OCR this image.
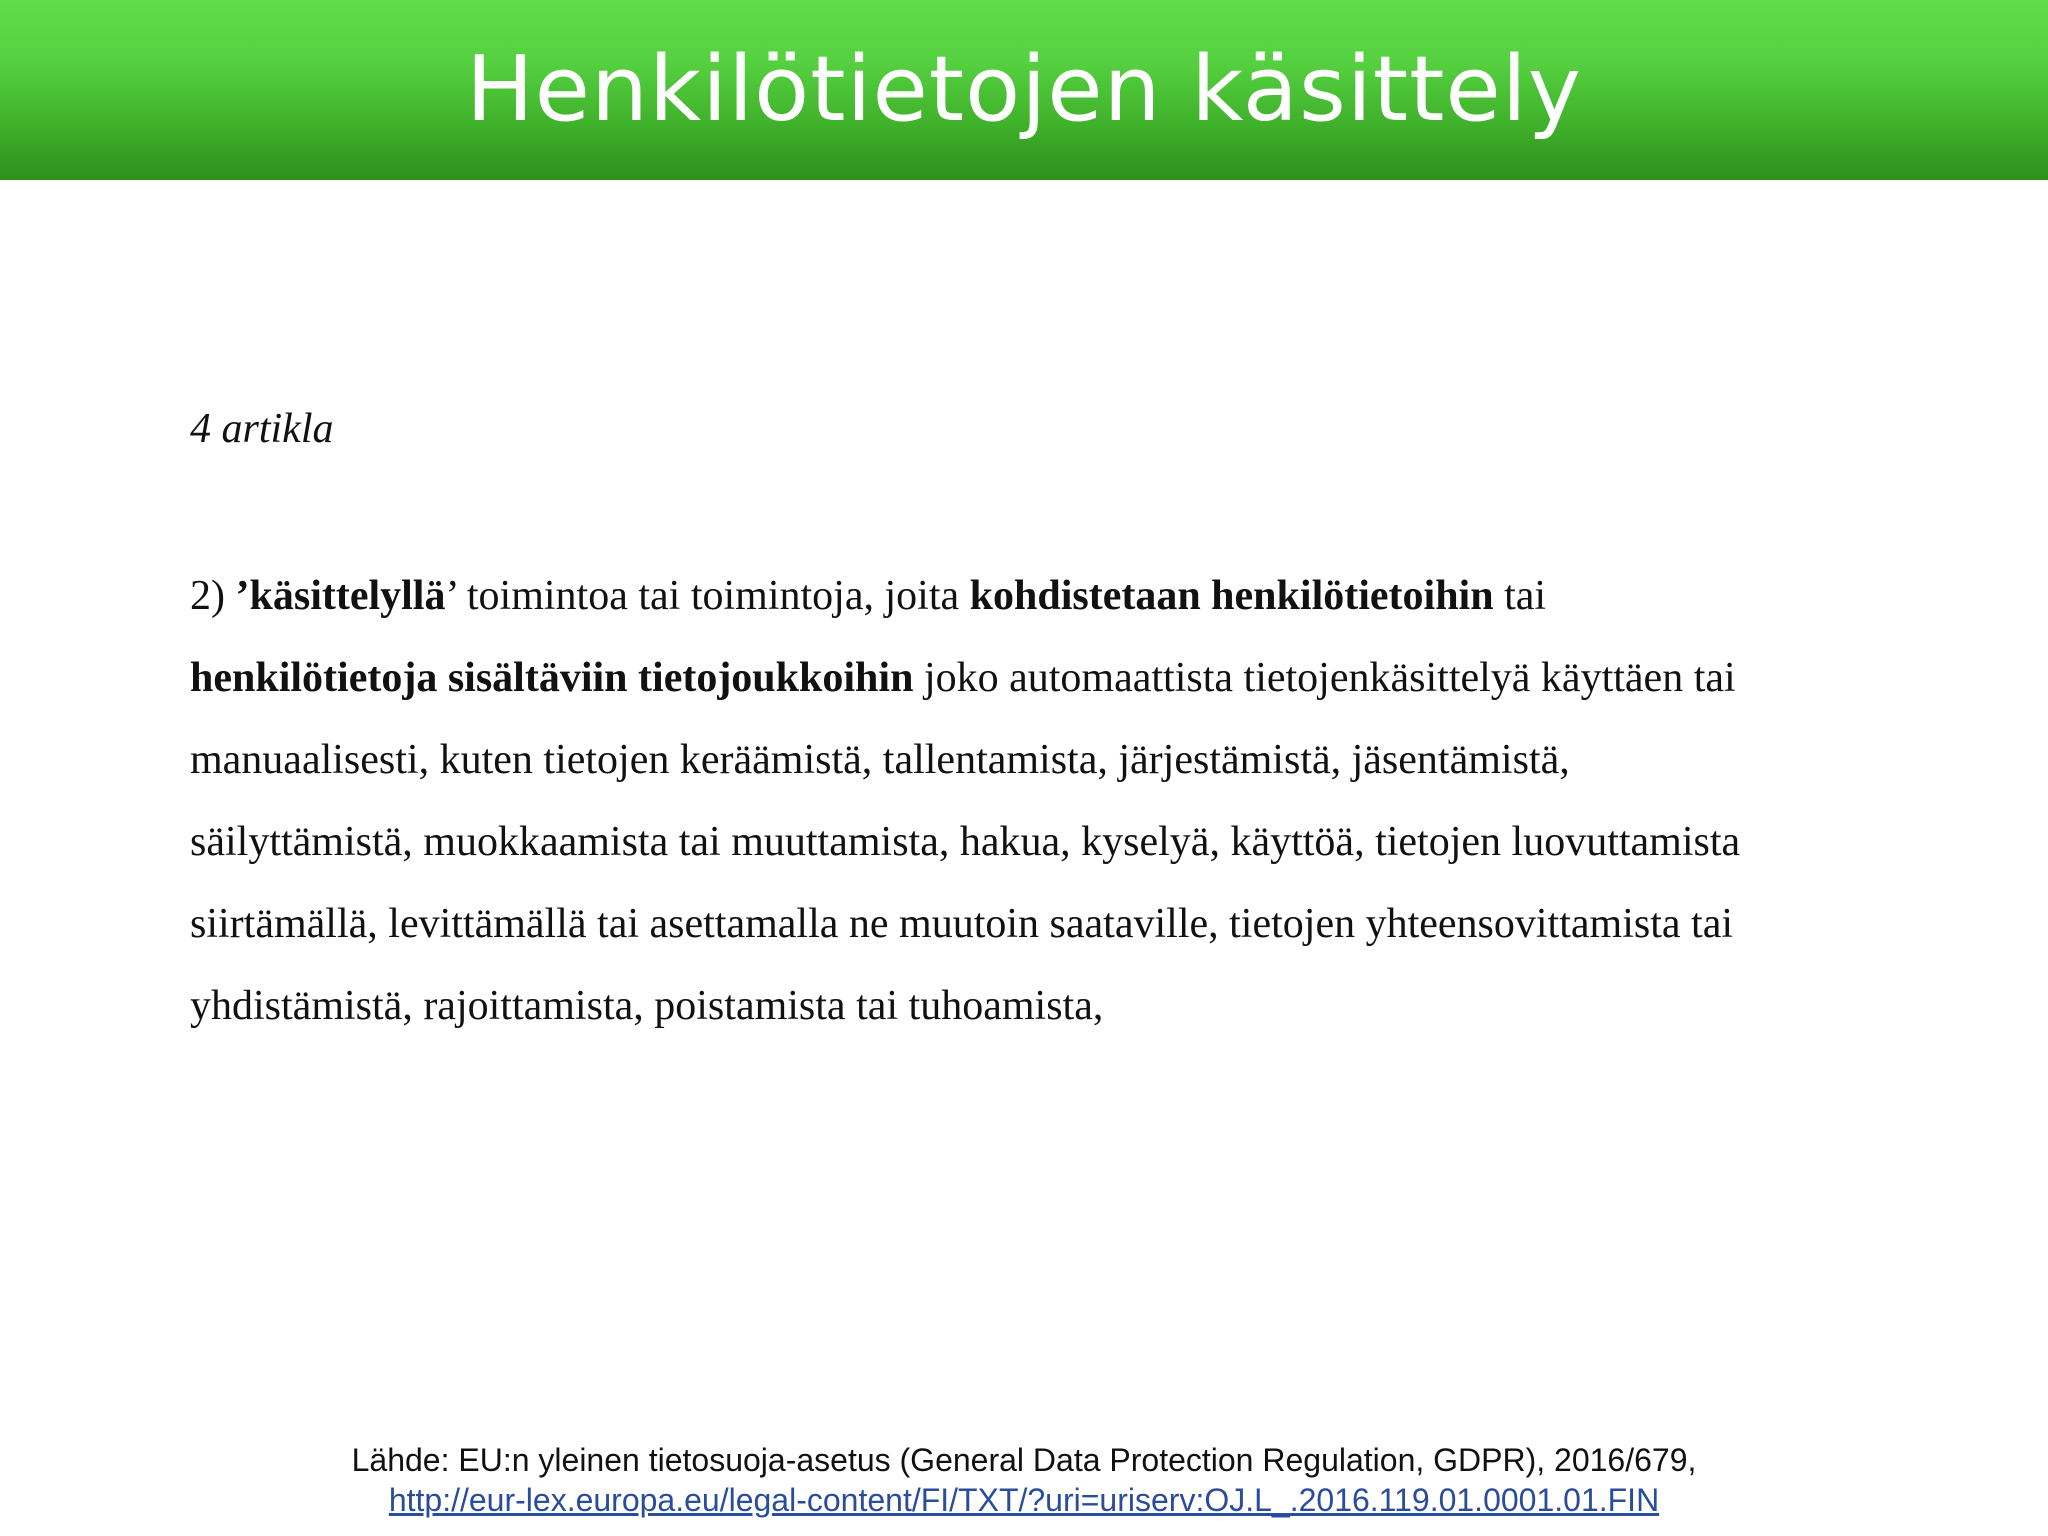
Henkilötietojen käsittely
4 artikla
2) ’käsittelyllä’ toimintoa tai toimintoja, joita kohdistetaan henkilötietoihin tai
henkilötietoja sisältäviin tietojoukkoihin joko automaattista tietojenkäsittelyä käyttäen tai
manuaalisesti, kuten tietojen keräämistä, tallentamista, järjestämistä, jäsentämistä,
säilyttämistä, muokkaamista tai muuttamista, hakua, kyselyä, käyttöä, tietojen luovuttamista
siirtämällä, levittämällä tai asettamalla ne muutoin saataville, tietojen yhteensovittamista tai
yhdistämistä, rajoittamista, poistamista tai tuhoamista,
Lähde: EU:n yleinen tietosuoja-asetus (General Data Protection Regulation, GDPR), 2016/679,
http://eur-lex.europa.eu/legal-content/FI/TXT/?uri=uriserv:OJ.L_.2016.119.01.0001.01.FIN
